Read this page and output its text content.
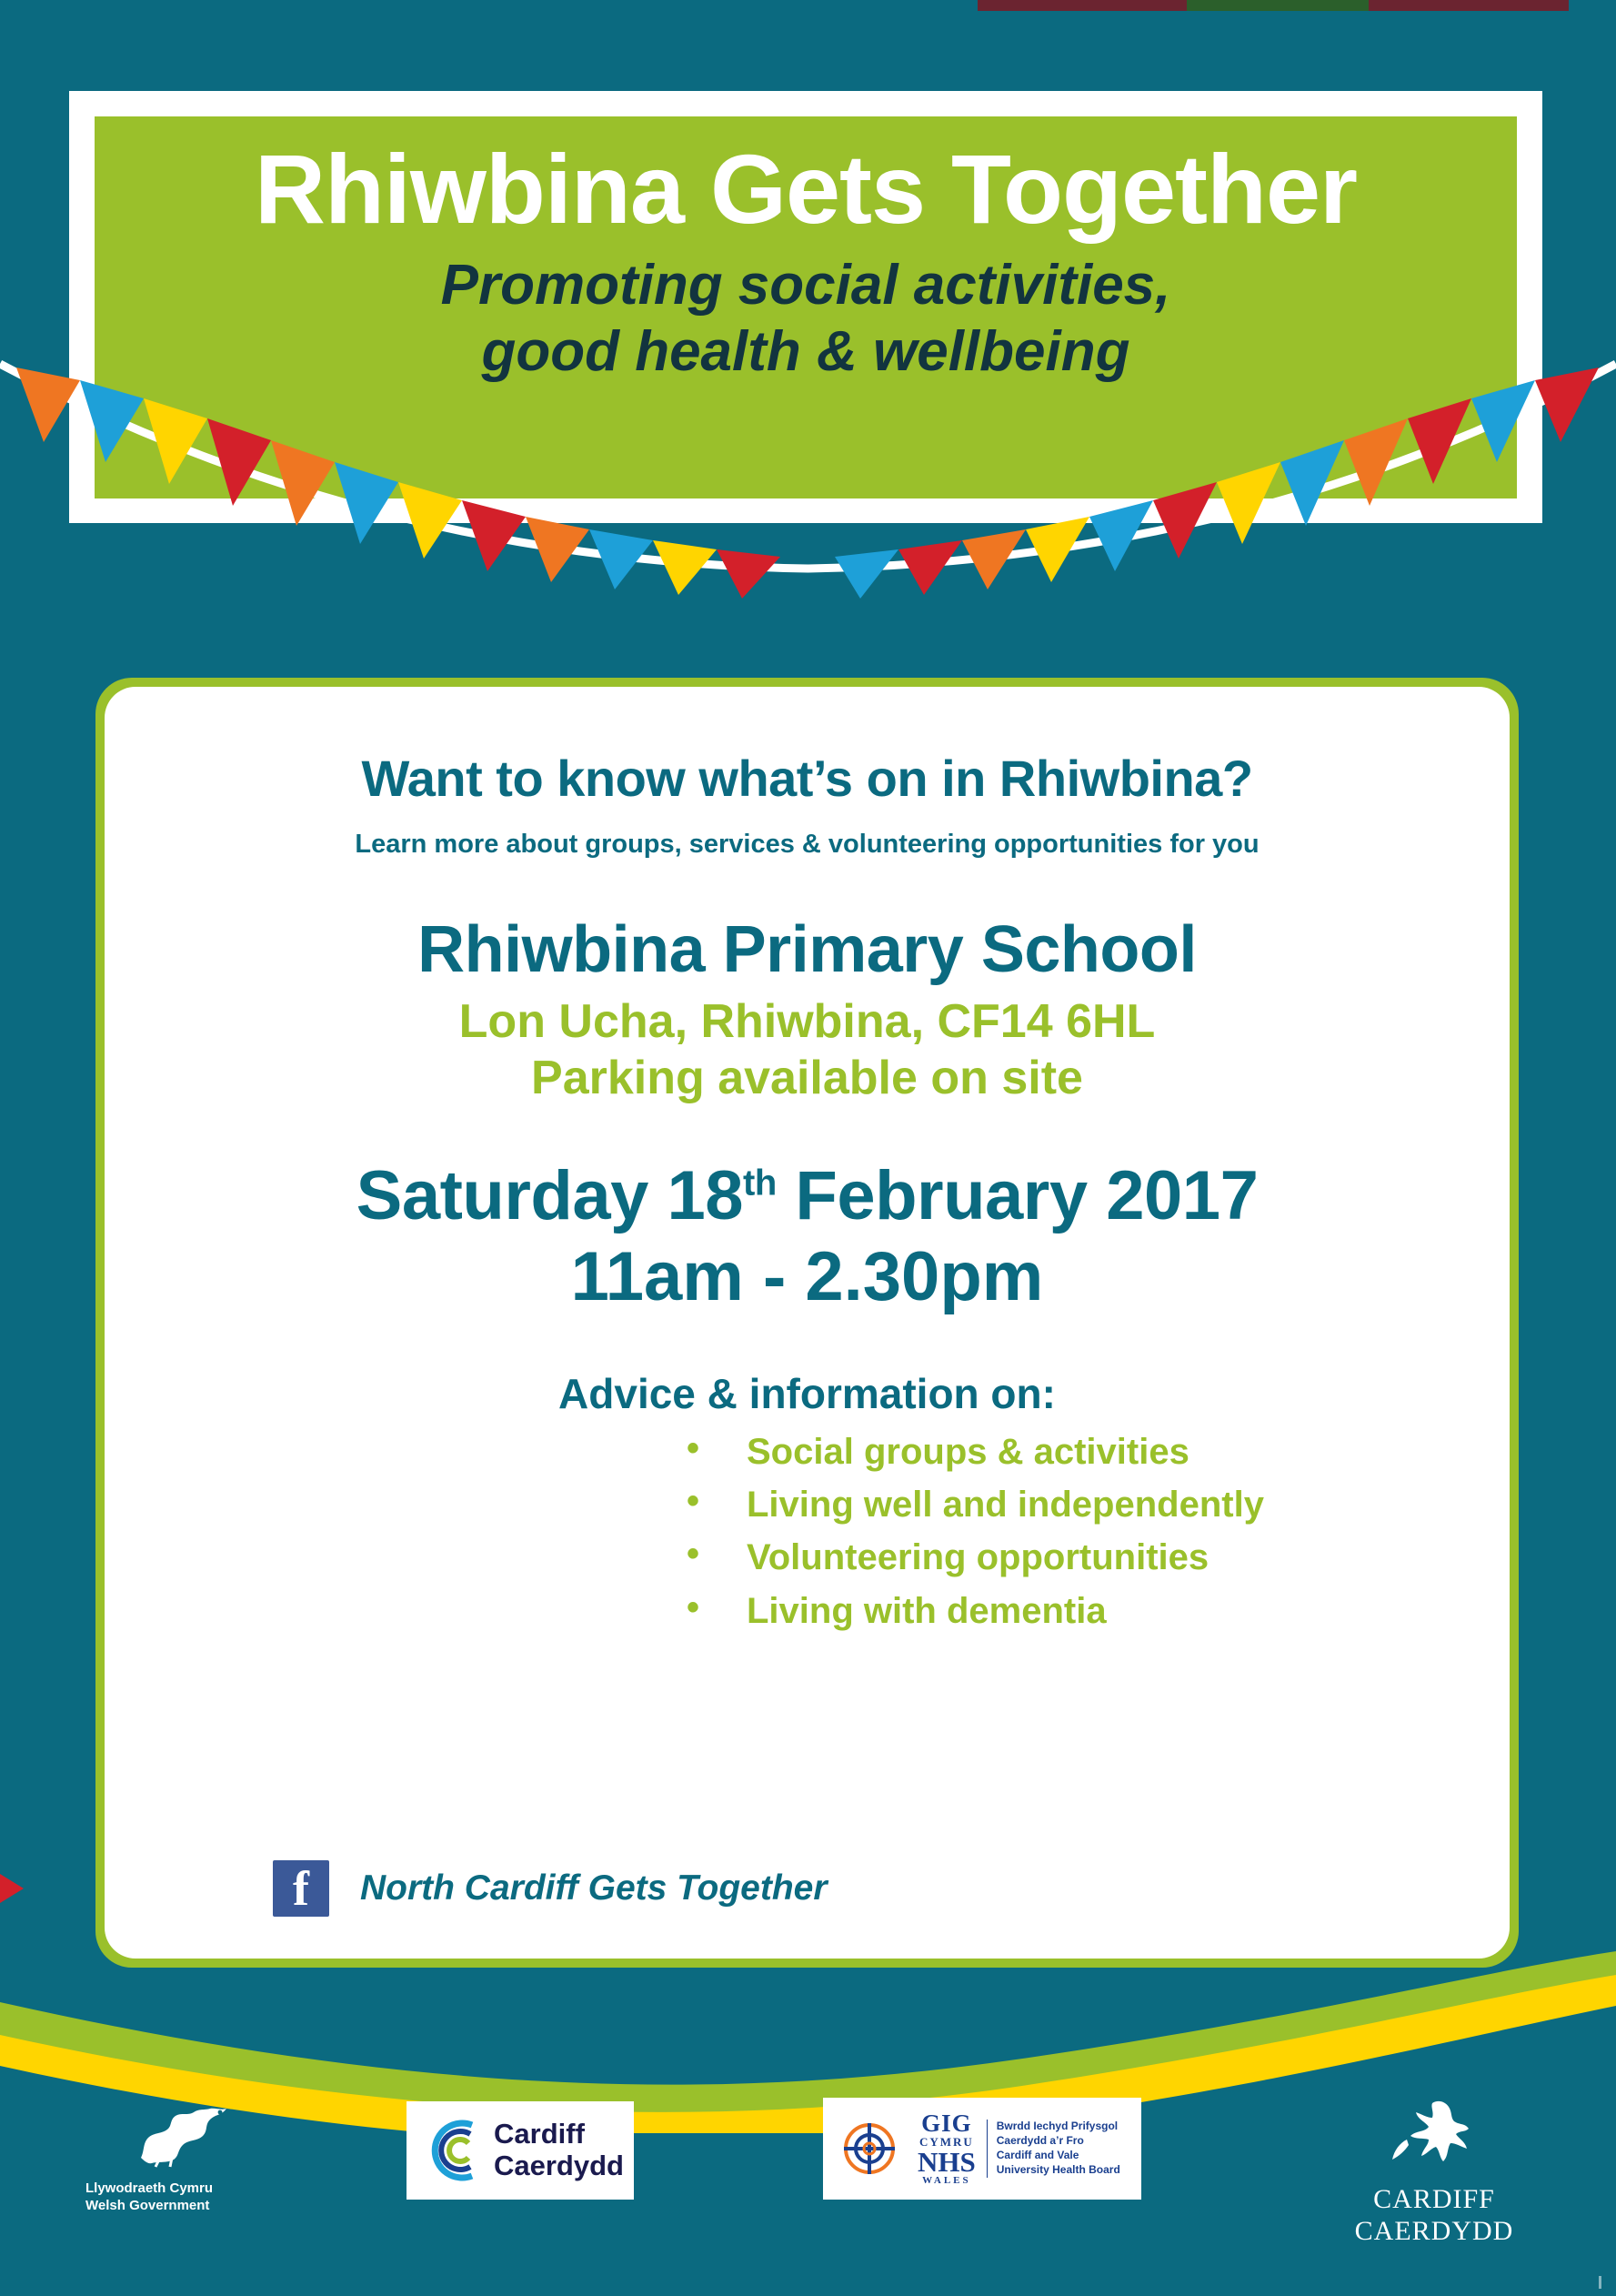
Rhiwbina Gets Together
Promoting social activities,
good health & wellbeing
Want to know what’s on in Rhiwbina?
Learn more about groups, services & volunteering opportunities for you
Rhiwbina Primary School
Lon Ucha, Rhiwbina, CF14 6HL
Parking available on site
Saturday 18th February 2017
11am - 2.30pm
Advice & information on:
• Social groups & activities
• Living well and independently
• Volunteering opportunities
• Living with dementia
f	North Cardiff Gets Together
Llywodraeth Cymru
Welsh Government
Cardiff
Caerdydd
GIG
CYMRU
NHS
WALES
Bwrdd Iechyd Prifysgol
Caerdydd a’r Fro
Cardiff and Vale
University Health Board
CARDIFF
CAERDYDD
